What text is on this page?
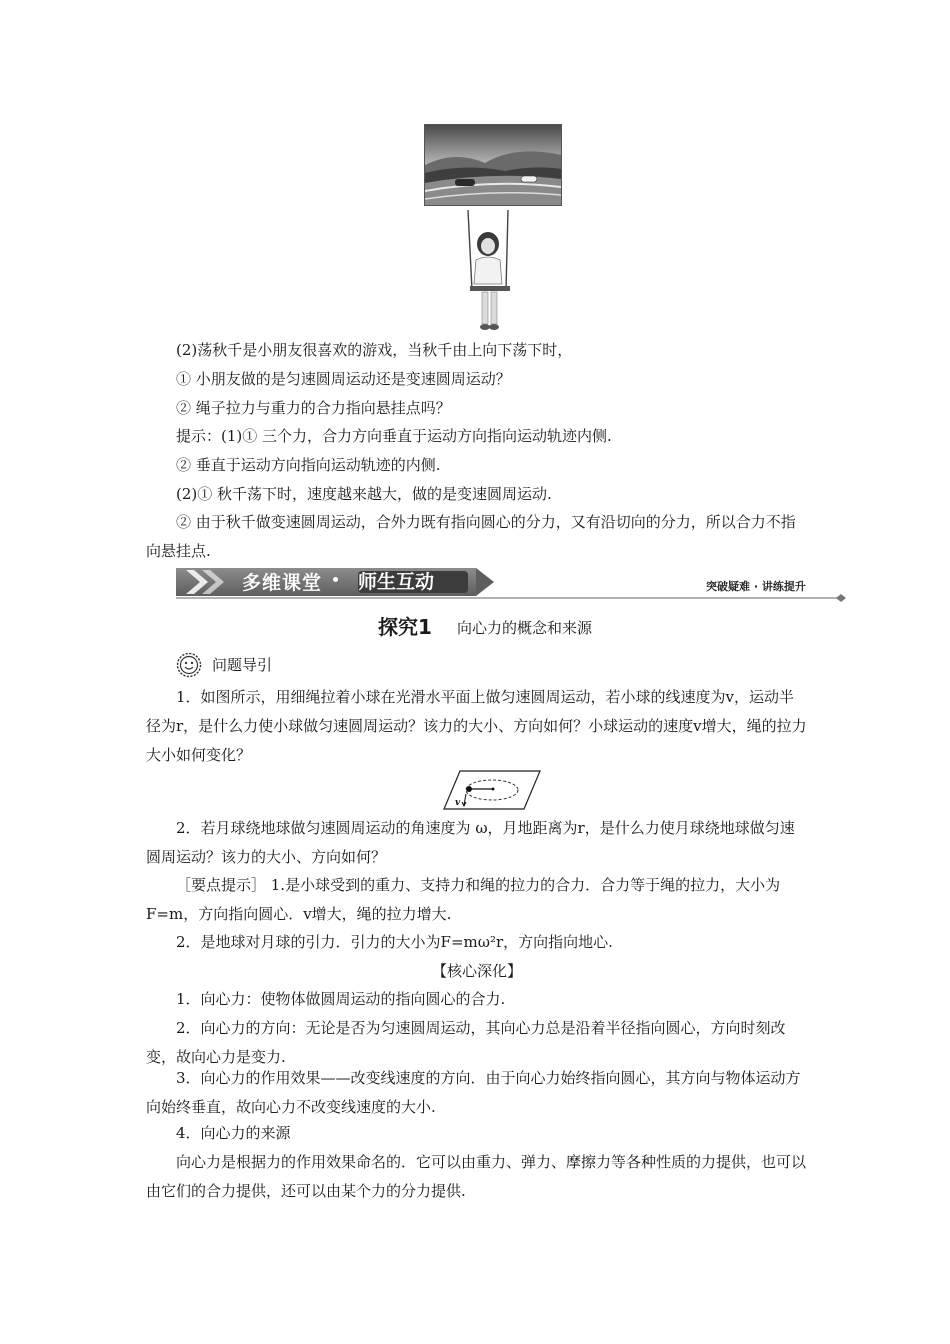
(2)荡秋千是小朋友很喜欢的游戏，当秋千由上向下荡下时，
① 小朋友做的是匀速圆周运动还是变速圆周运动？
② 绳子拉力与重力的合力指向悬挂点吗？
提示：(1)① 三个力，合力方向垂直于运动方向指向运动轨迹内侧.
② 垂直于运动方向指向运动轨迹的内侧.
(2)① 秋千荡下时，速度越来越大，做的是变速圆周运动.
② 由于秋千做变速圆周运动，合外力既有指向圆心的分力，又有沿切向的分力，所以合力不指向悬挂点.
多维课堂 师生互动	突破疑难 · 讲练提升
探究1 向心力的概念和来源
问题导引
1．如图所示，用细绳拉着小球在光滑水平面上做匀速圆周运动，若小球的线速度为v，运动半径为r，是什么力使小球做匀速圆周运动？该力的大小、方向如何？小球运动的速度v增大，绳的拉力大小如何变化？
v
2．若月球绕地球做匀速圆周运动的角速度为 ω，月地距离为r，是什么力使月球绕地球做匀速圆周运动？该力的大小、方向如何？
［要点提示］ 1.是小球受到的重力、支持力和绳的拉力的合力．合力等于绳的拉力，大小为F=m，方向指向圆心．v增大，绳的拉力增大.
2．是地球对月球的引力．引力的大小为F=mω²r，方向指向地心.
【核心深化】
1．向心力：使物体做圆周运动的指向圆心的合力.
2．向心力的方向：无论是否为匀速圆周运动，其向心力总是沿着半径指向圆心，方向时刻改变，故向心力是变力.
3．向心力的作用效果——改变线速度的方向．由于向心力始终指向圆心，其方向与物体运动方向始终垂直，故向心力不改变线速度的大小.
4．向心力的来源
向心力是根据力的作用效果命名的．它可以由重力、弹力、摩擦力等各种性质的力提供，也可以由它们的合力提供，还可以由某个力的分力提供.
